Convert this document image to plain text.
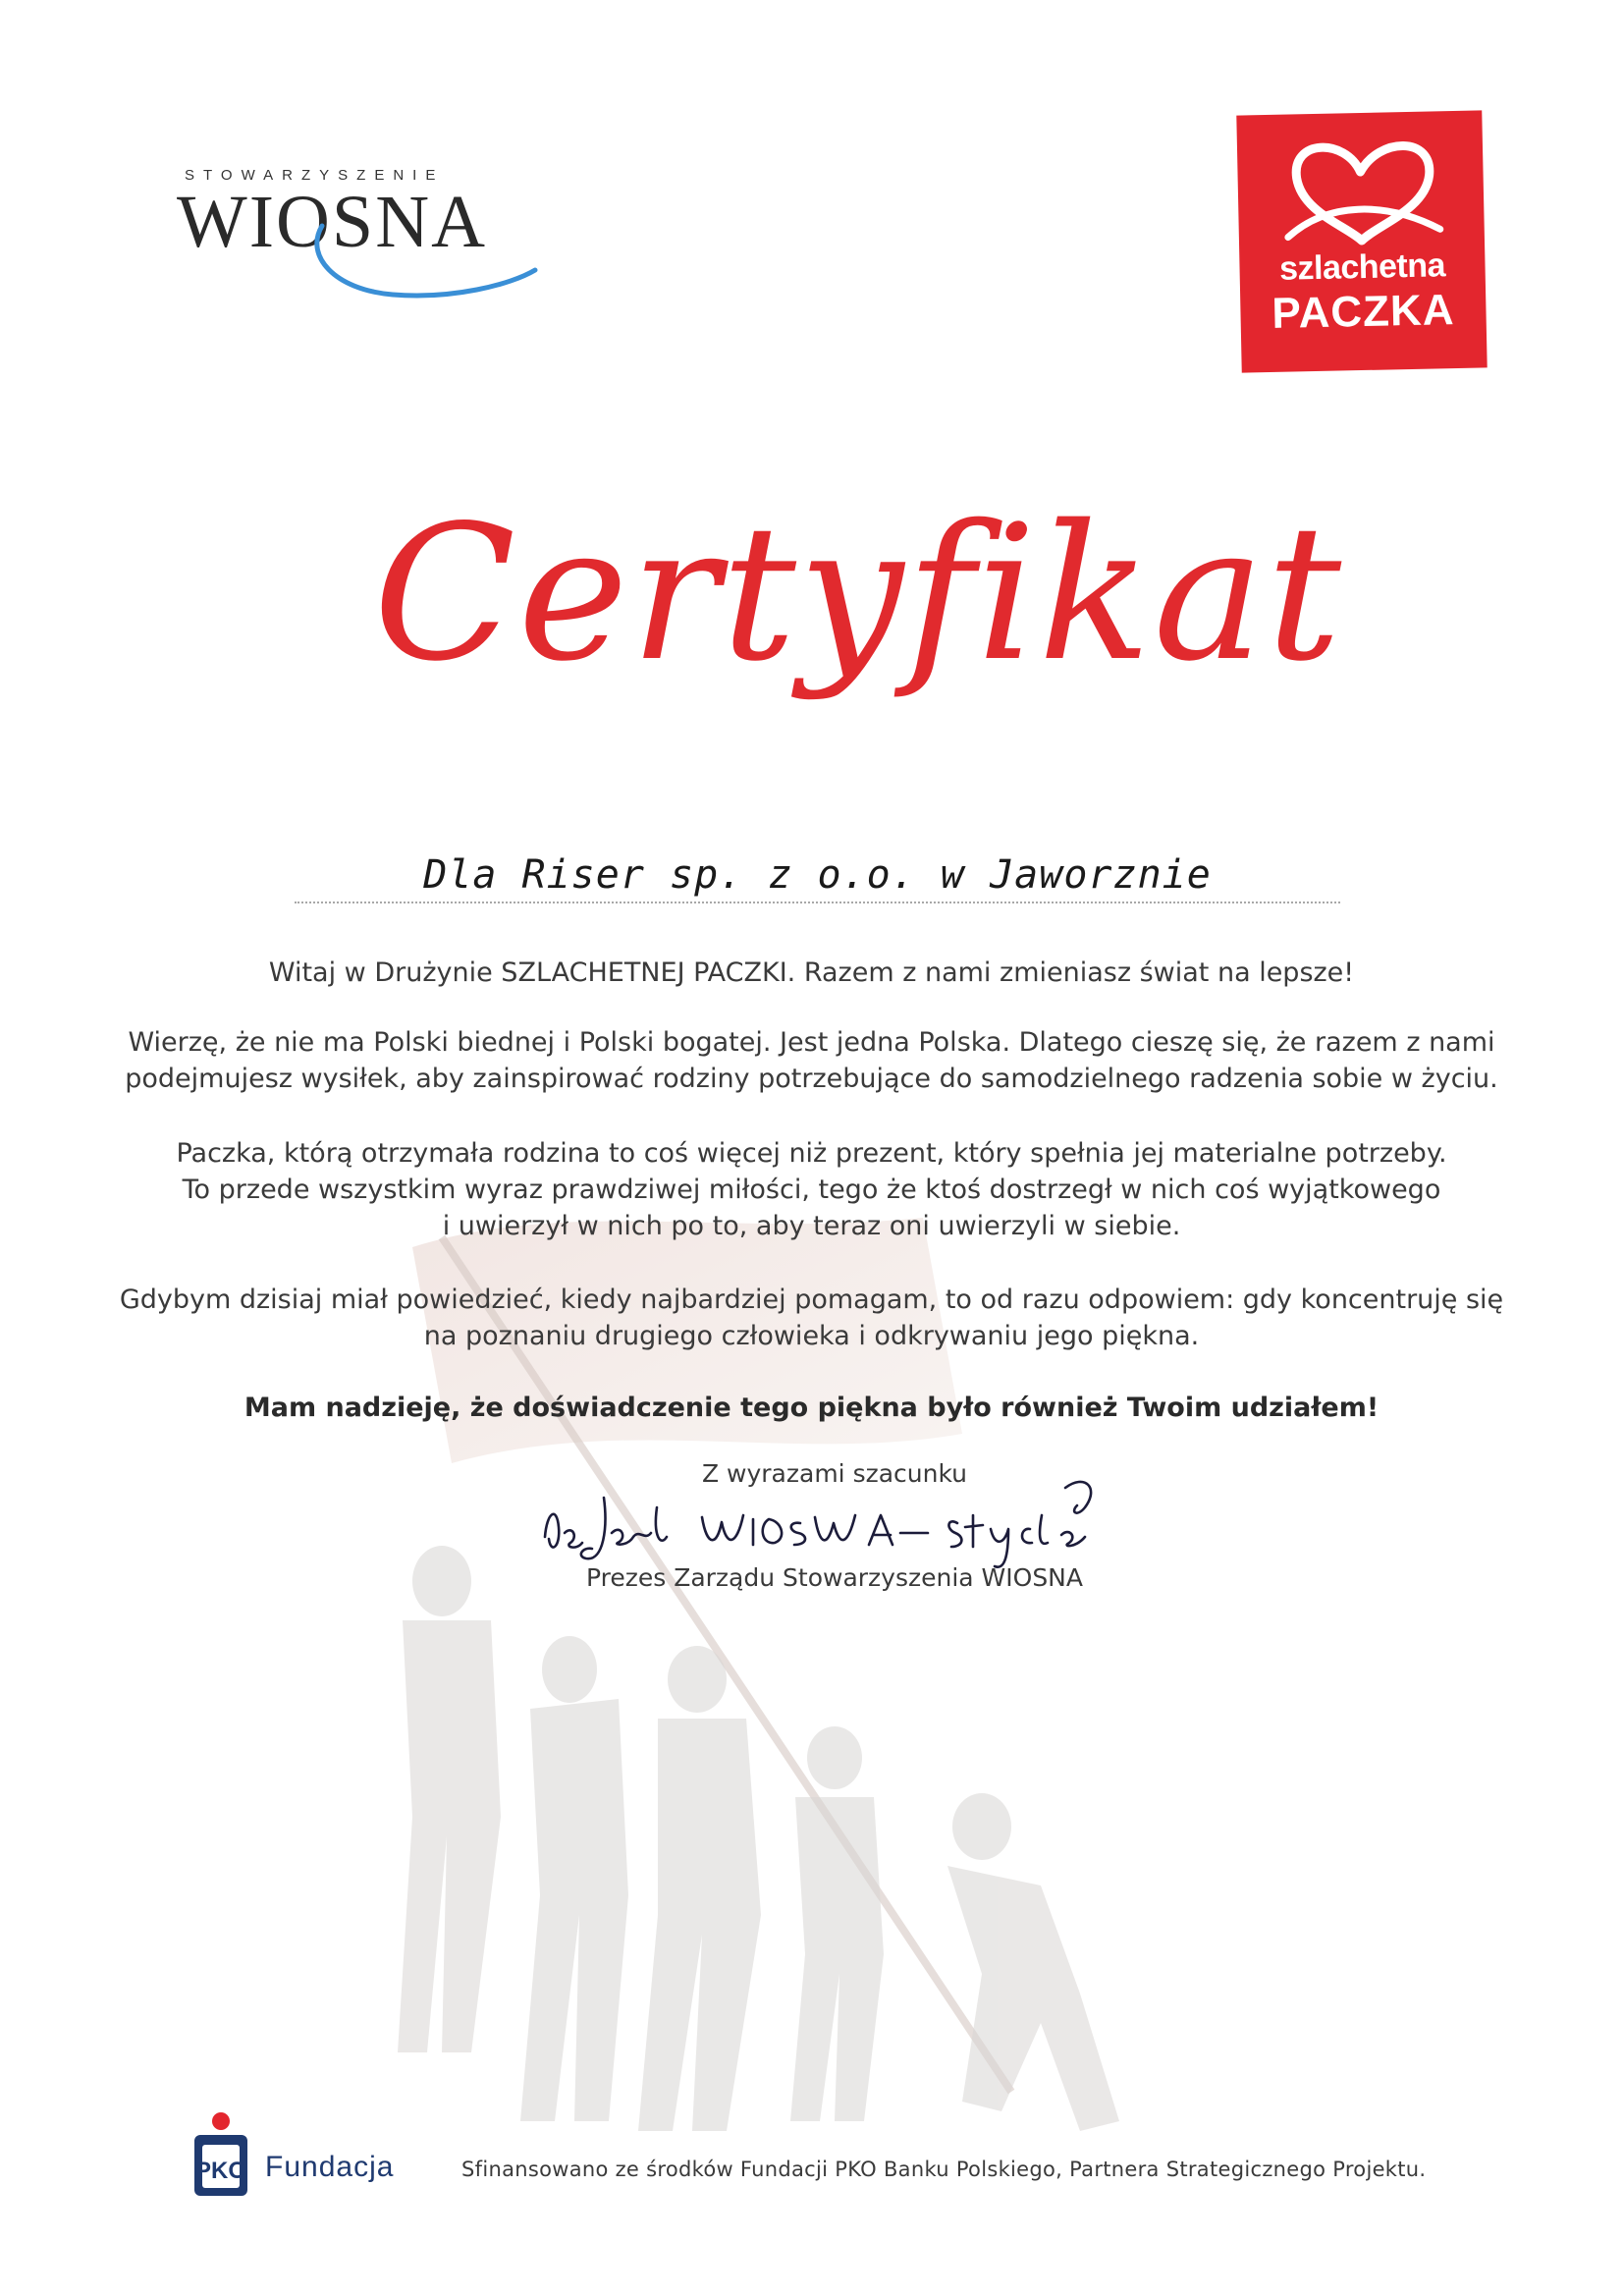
STOWARZYSZENIE
WIOSNA
szlachetna
PACZKA
Certyfikat
Dla Riser sp. z o.o. w Jaworznie
Witaj w Drużynie SZLACHETNEJ PACZKI. Razem z nami zmieniasz świat na lepsze!
Wierzę, że nie ma Polski biednej i Polski bogatej. Jest jedna Polska. Dlatego cieszę się, że razem z nami
podejmujesz wysiłek, aby zainspirować rodziny potrzebujące do samodzielnego radzenia sobie w życiu.
Paczka, którą otrzymała rodzina to coś więcej niż prezent, który spełnia jej materialne potrzeby.
To przede wszystkim wyraz prawdziwej miłości, tego że ktoś dostrzegł w nich coś wyjątkowego
i uwierzył w nich po to, aby teraz oni uwierzyli w siebie.
Gdybym dzisiaj miał powiedzieć, kiedy najbardziej pomagam, to od razu odpowiem: gdy koncentruję się
na poznaniu drugiego człowieka i odkrywaniu jego piękna.
Mam nadzieję, że doświadczenie tego piękna było również Twoim udziałem!
Z wyrazami szacunku
Prezes Zarządu Stowarzyszenia WIOSNA
PKO Fundacja	Sfinansowano ze środków Fundacji PKO Banku Polskiego, Partnera Strategicznego Projektu.
